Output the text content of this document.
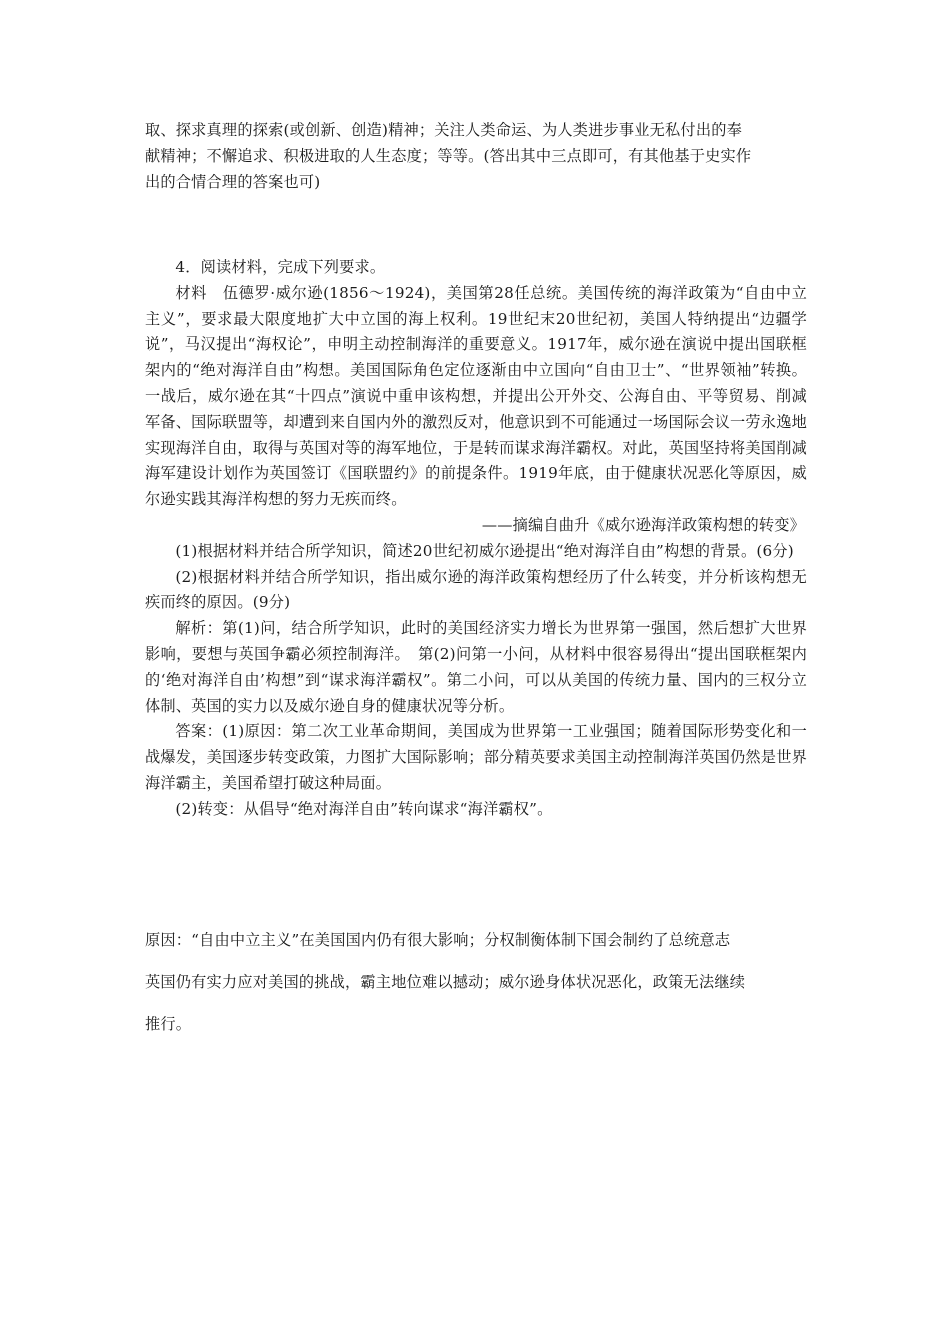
取、探求真理的探索(或创新、创造)精神；关注人类命运、为人类进步事业无私付出的奉

献精神；不懈追求、积极进取的人生态度；等等。(答出其中三点即可，有其他基于史实作

出的合情合理的答案也可)

4．阅读材料，完成下列要求。

材料　伍德罗·威尔逊(1856～1924)，美国第28任总统。美国传统的海洋政策为“自由中立主义”，要求最大限度地扩大中立国的海上权利。19世纪末20世纪初，美国人特纳提出“边疆学说”，马汉提出“海权论”，申明主动控制海洋的重要意义。1917年，威尔逊在演说中提出国联框架内的“绝对海洋自由”构想。美国国际角色定位逐渐由中立国向“自由卫士”、“世界领袖”转换。一战后，威尔逊在其“十四点”演说中重申该构想，并提出公开外交、公海自由、平等贸易、削减军备、国际联盟等，却遭到来自国内外的激烈反对，他意识到不可能通过一场国际会议一劳永逸地实现海洋自由，取得与英国对等的海军地位，于是转而谋求海洋霸权。对此，英国坚持将美国削减海军建设计划作为英国签订《国联盟约》的前提条件。1919年底，由于健康状况恶化等原因，威尔逊实践其海洋构想的努力无疾而终。

——摘编自曲升《威尔逊海洋政策构想的转变》

(1)根据材料并结合所学知识，简述20世纪初威尔逊提出“绝对海洋自由”构想的背景。(6分)

(2)根据材料并结合所学知识，指出威尔逊的海洋政策构想经历了什么转变，并分析该构想无疾而终的原因。(9分)

解析：第(1)问，结合所学知识，此时的美国经济实力增长为世界第一强国，然后想扩大世界影响，要想与英国争霸必须控制海洋。　第(2)问第一小问，从材料中很容易得出“提出国联框架内的‘绝对海洋自由’构想”到“谋求海洋霸权”。第二小问，可以从美国的传统力量、国内的三权分立体制、英国的实力以及威尔逊自身的健康状况等分析。

答案：(1)原因：第二次工业革命期间，美国成为世界第一工业强国；随着国际形势变化和一战爆发，美国逐步转变政策，力图扩大国际影响；部分精英要求美国主动控制海洋英国仍然是世界海洋霸主，美国希望打破这种局面。

(2)转变：从倡导“绝对海洋自由”转向谋求“海洋霸权”。

原因：“自由中立主义”在美国国内仍有很大影响；分权制衡体制下国会制约了总统意志

英国仍有实力应对美国的挑战，霸主地位难以撼动；威尔逊身体状况恶化，政策无法继续

推行。
